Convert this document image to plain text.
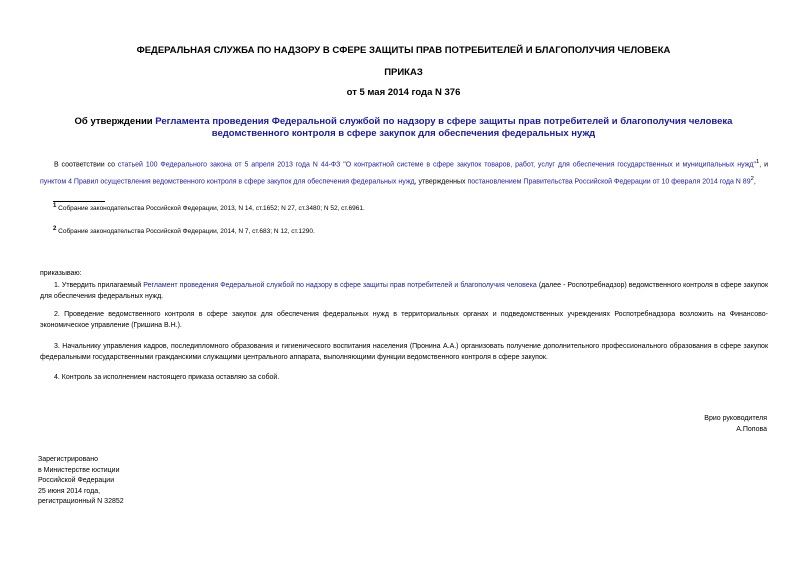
ФЕДЕРАЛЬНАЯ СЛУЖБА ПО НАДЗОРУ В СФЕРЕ ЗАЩИТЫ ПРАВ ПОТРЕБИТЕЛЕЙ И БЛАГОПОЛУЧИЯ ЧЕЛОВЕКА
ПРИКАЗ
от 5 мая 2014 года N 376
Об утверждении Регламента проведения Федеральной службой по надзору в сфере защиты прав потребителей и благополучия человека ведомственного контроля в сфере закупок для обеспечения федеральных нужд
В соответствии со статьей 100 Федерального закона от 5 апреля 2013 года N 44-ФЗ "О контрактной системе в сфере закупок товаров, работ, услуг для обеспечения государственных и муниципальных нужд"$^1$, и пунктом 4 Правил осуществления ведомственного контроля в сфере закупок для обеспечения федеральных нужд, утвержденных постановлением Правительства Российской Федерации от 10 февраля 2014 года N $89^2$,
$^1$ Собрание законодательства Российской Федерации, 2013, N 14, ст.1652; N 27, ст.3480; N 52, ст.6961.
$^2$ Собрание законодательства Российской Федерации, 2014, N 7, ст.683; N 12, ст.1290.
приказываю:
1. Утвердить прилагаемый Регламент проведения Федеральной службой по надзору в сфере защиты прав потребителей и благополучия человека (далее - Роспотребнадзор) ведомственного контроля в сфере закупок для обеспечения федеральных нужд.
2. Проведение ведомственного контроля в сфере закупок для обеспечения федеральных нужд в территориальных органах и подведомственных учреждениях Роспотребнадзора возложить на Финансово-экономическое управление (Гришина В.Н.).
3. Начальнику управления кадров, последипломного образования и гигиенического воспитания населения (Пронина А.А.) организовать получение дополнительного профессионального образования в сфере закупок федеральными государственными гражданскими служащими центрального аппарата, выполняющими функции ведомственного контроля в сфере закупок.
4. Контроль за исполнением настоящего приказа оставляю за собой.
Врио руководителя
А.Попова
Зарегистрировано
в Министерстве юстиции
Российской Федерации
25 июня 2014 года,
регистрационный N 32852
